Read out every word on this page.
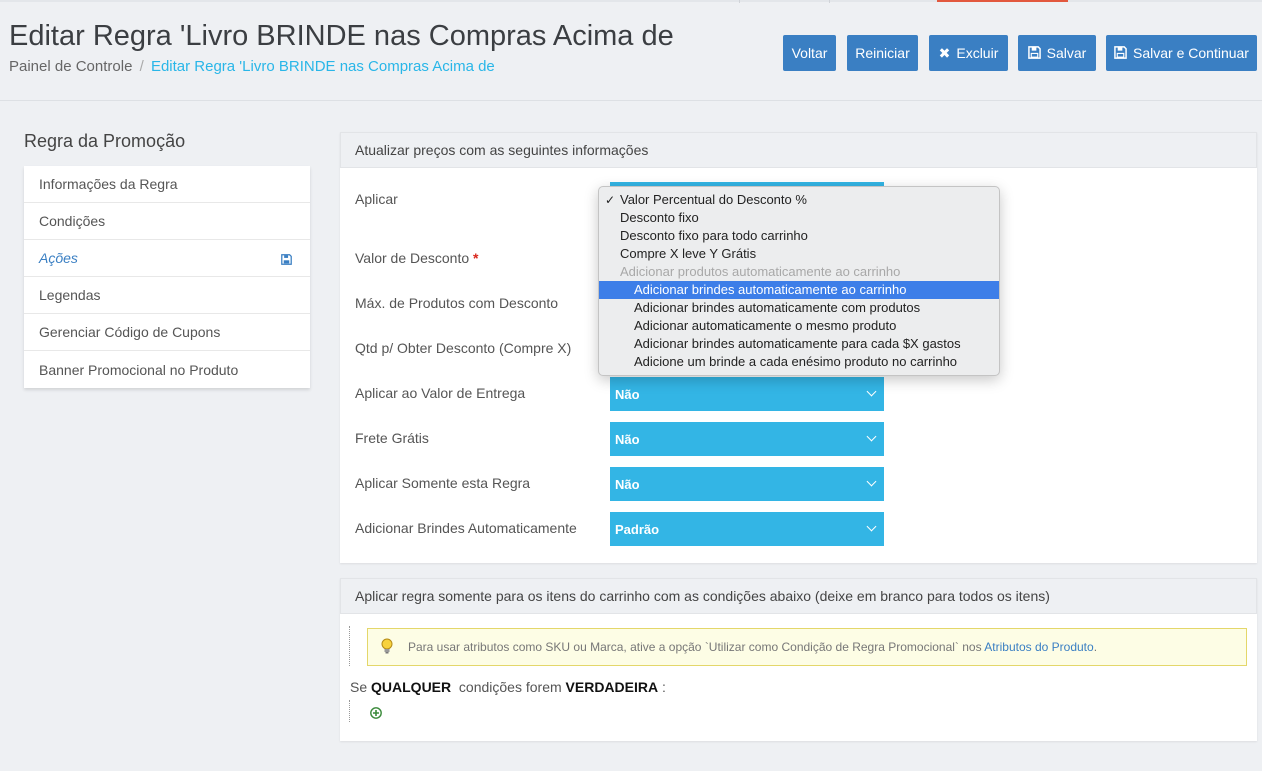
Editar Regra 'Livro BRINDE nas Compras Acima de
Painel de Controle / Editar Regra 'Livro BRINDE nas Compras Acima de
Voltar Reiniciar ✖ Excluir	Salvar	Salvar e Continuar
Regra da Promoção
Informações da Regra
Condições
Ações
Legendas
Gerenciar Código de Cupons
Banner Promocional no Produto
Atualizar preços com as seguintes informações
Aplicar
Valor de Desconto *
Máx. de Produtos com Desconto
Qtd p/ Obter Desconto (Compre X)
Aplicar ao Valor de Entrega	Não
Frete Grátis	Não
Aplicar Somente esta Regra	Não
Adicionar Brindes Automaticamente	Padrão
✓ Valor Percentual do Desconto %
Desconto fixo
Desconto fixo para todo carrinho
Compre X leve Y Grátis
Adicionar produtos automaticamente ao carrinho
Adicionar brindes automaticamente ao carrinho
Adicionar brindes automaticamente com produtos
Adicionar automaticamente o mesmo produto
Adicionar brindes automaticamente para cada $X gastos
Adicione um brinde a cada enésimo produto no carrinho
Aplicar regra somente para os itens do carrinho com as condições abaixo (deixe em branco para todos os itens)
Para usar atributos como SKU ou Marca, ative a opção `Utilizar como Condição de Regra Promocional` nos Atributos do Produto.
Se QUALQUER condições forem VERDADEIRA :
